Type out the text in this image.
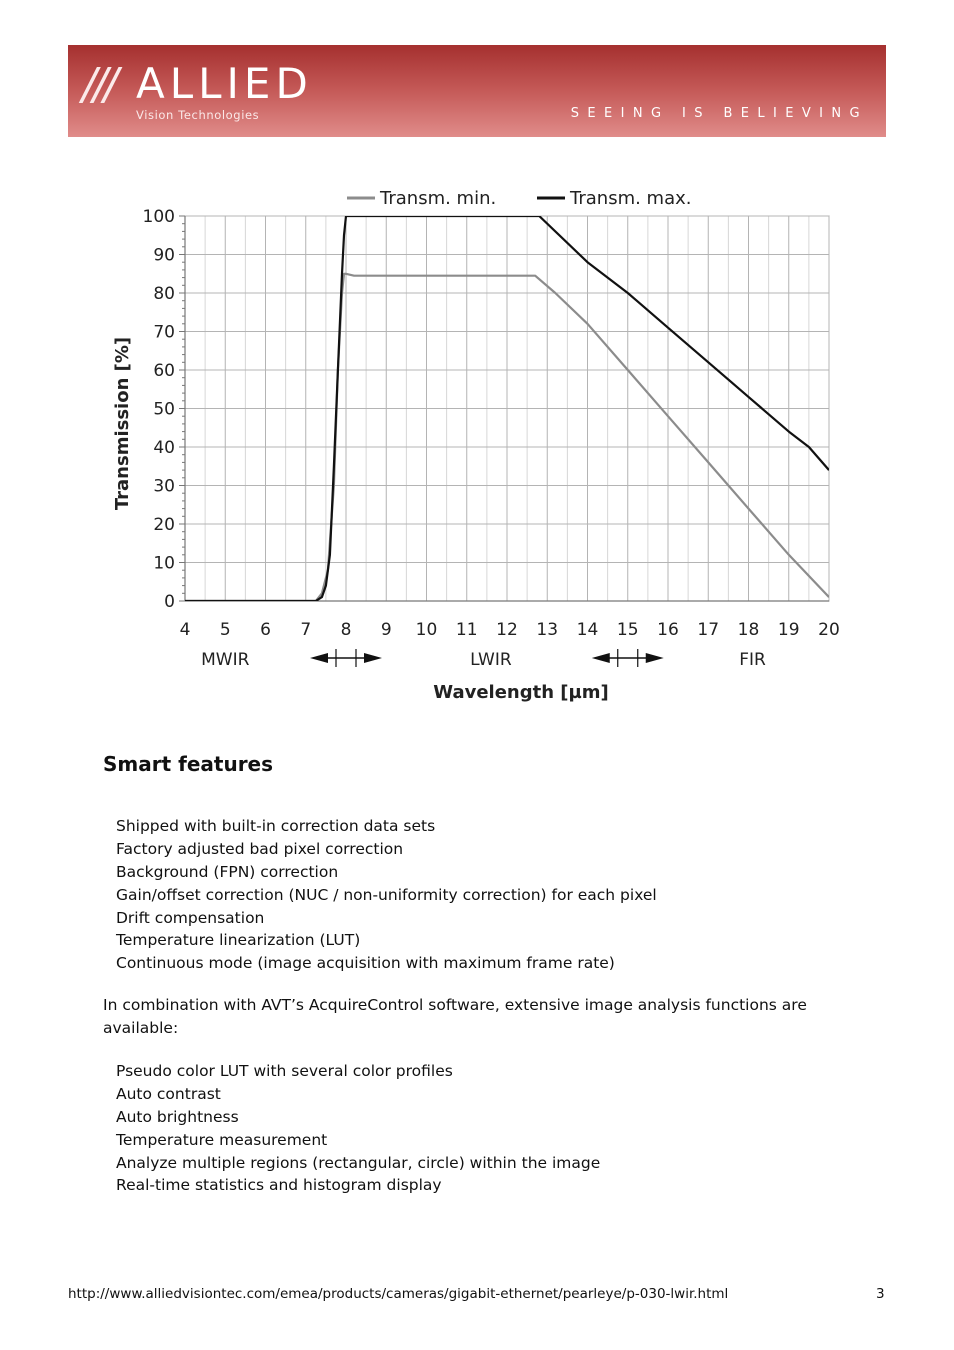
/// ALLIED
Vision Technologies	SEEING IS BELIEVING
0
10
20
30
40
50
60
70
80
90
100
4 5 6 7 8 9 10 11 12 13 14 15 16 17 18 19 20
MWIR	LWIR	FIR
Wavelength [µm]
Transmission [%]
Transm. min.	Transm. max.
Smart features
Shipped with built-in correction data sets
Factory adjusted bad pixel correction
Background (FPN) correction
Gain/offset correction (NUC / non-uniformity correction) for each pixel
Drift compensation
Temperature linearization (LUT)
Continuous mode (image acquisition with maximum frame rate)

In combination with AVT’s AcquireControl software, extensive image analysis functions are available:

Pseudo color LUT with several color profiles
Auto contrast
Auto brightness
Temperature measurement
Analyze multiple regions (rectangular, circle) within the image
Real-time statistics and histogram display
http://www.alliedvisiontec.com/emea/products/cameras/gigabit-ethernet/pearleye/p-030-lwir.html	3
